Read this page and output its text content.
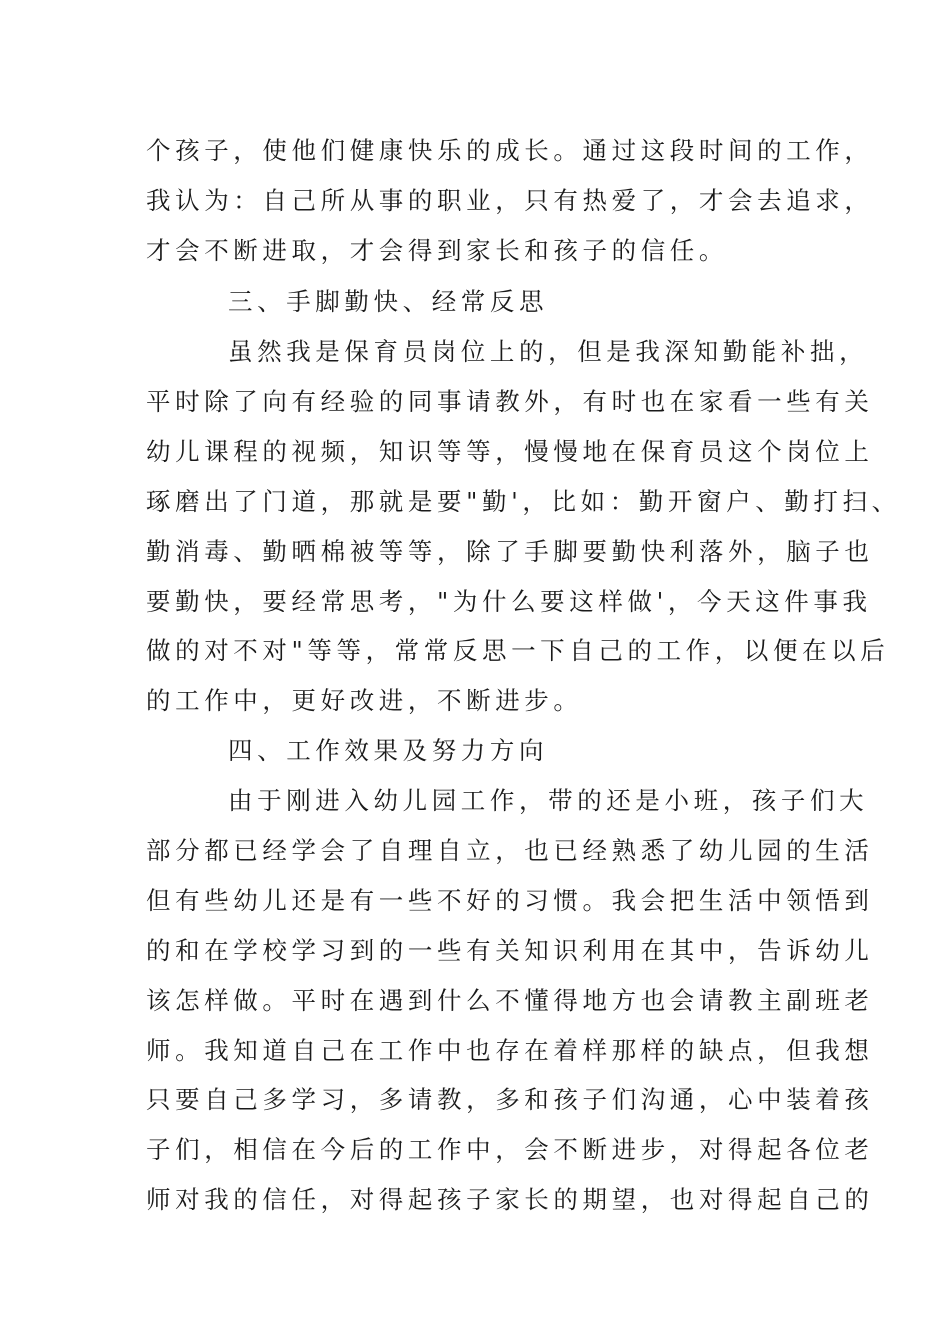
个孩子，使他们健康快乐的成长。通过这段时间的工作，
我认为：自己所从事的职业，只有热爱了，才会去追求，
才会不断进取，才会得到家长和孩子的信任。
三、手脚勤快、经常反思
虽然我是保育员岗位上的，但是我深知勤能补拙，
平时除了向有经验的同事请教外，有时也在家看一些有关
幼儿课程的视频，知识等等，慢慢地在保育员这个岗位上
琢磨出了门道，那就是要"勤'，比如：勤开窗户、勤打扫、
勤消毒、勤晒棉被等等，除了手脚要勤快利落外，脑子也
要勤快，要经常思考，"为什么要这样做'，今天这件事我
做的对不对"等等，常常反思一下自己的工作，以便在以后
的工作中，更好改进，不断进步。
四、工作效果及努力方向
由于刚进入幼儿园工作，带的还是小班，孩子们大
部分都已经学会了自理自立，也已经熟悉了幼儿园的生活
但有些幼儿还是有一些不好的习惯。我会把生活中领悟到
的和在学校学习到的一些有关知识利用在其中，告诉幼儿
该怎样做。平时在遇到什么不懂得地方也会请教主副班老
师。我知道自己在工作中也存在着样那样的缺点，但我想
只要自己多学习，多请教，多和孩子们沟通，心中装着孩
子们，相信在今后的工作中，会不断进步，对得起各位老
师对我的信任，对得起孩子家长的期望，也对得起自己的
